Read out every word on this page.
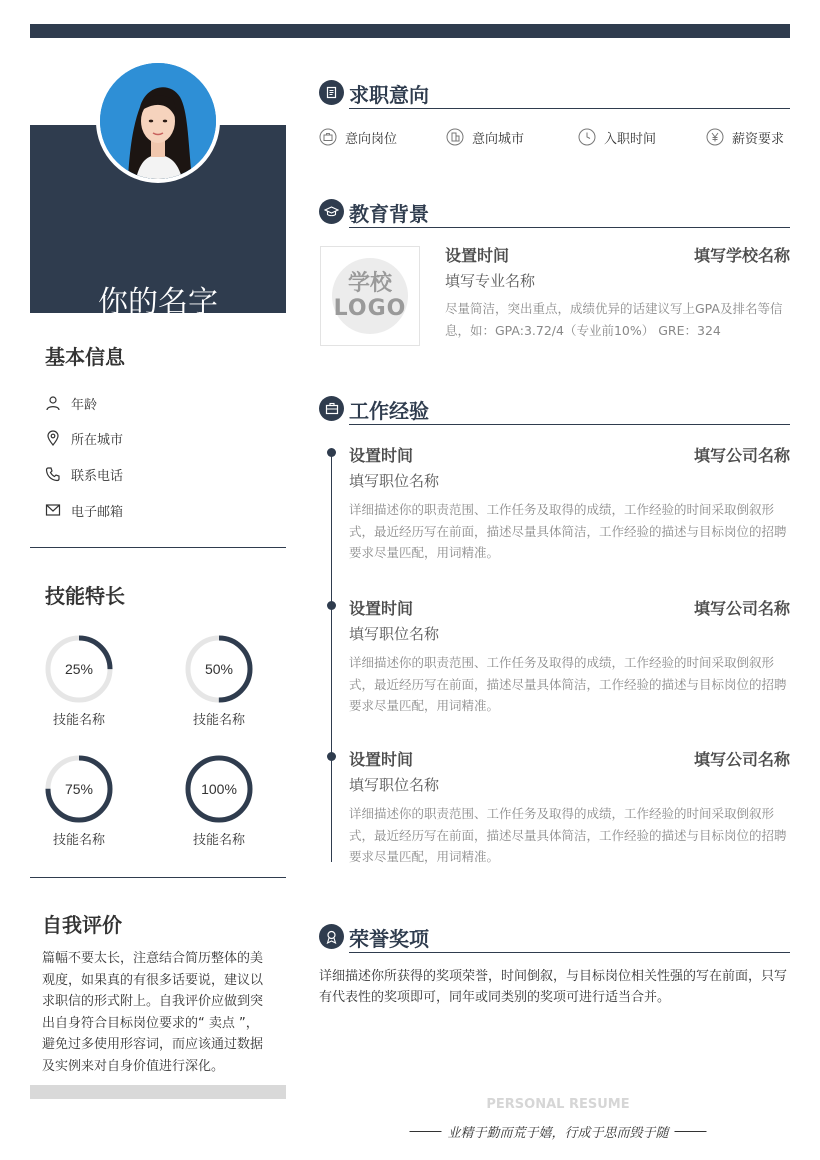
你的名字
一句话介绍自己， 告诉HR为什么选择你而不是别人
基本信息
年龄
所在城市
联系电话
电子邮箱
技能特长
25%
技能名称
50%
技能名称
75%
技能名称
100%
技能名称
自我评价
篇幅不要太长，注意结合简历整体的美观度，如果真的有很多话要说，建议以求职信的形式附上。自我评价应做到突出自身符合目标岗位要求的“ 卖点 ”，避免过多使用形容词，而应该通过数据及实例来对自身价值进行深化。
求职意向
意向岗位	意向城市	入职时间	薪资要求
教育背景
学校
LOGO
设置时间	填写学校名称
填写专业名称
尽量简洁，突出重点，成绩优异的话建议写上GPA及排名等信息，如：GPA:3.72/4（专业前10%） GRE：324
工作经验
设置时间	填写公司名称
填写职位名称
详细描述你的职责范围、工作任务及取得的成绩，工作经验的时间采取倒叙形式，最近经历写在前面，描述尽量具体简洁，工作经验的描述与目标岗位的招聘要求尽量匹配，用词精准。
设置时间	填写公司名称
填写职位名称
详细描述你的职责范围、工作任务及取得的成绩，工作经验的时间采取倒叙形式，最近经历写在前面，描述尽量具体简洁，工作经验的描述与目标岗位的招聘要求尽量匹配，用词精准。
设置时间	填写公司名称
填写职位名称
详细描述你的职责范围、工作任务及取得的成绩，工作经验的时间采取倒叙形式，最近经历写在前面，描述尽量具体简洁，工作经验的描述与目标岗位的招聘要求尽量匹配，用词精准。
荣誉奖项
详细描述你所获得的奖项荣誉，时间倒叙，与目标岗位相关性强的写在前面，只写有代表性的奖项即可，同年或同类别的奖项可进行适当合并。
PERSONAL RESUME
业精于勤而荒于嬉，行成于思而毁于随
